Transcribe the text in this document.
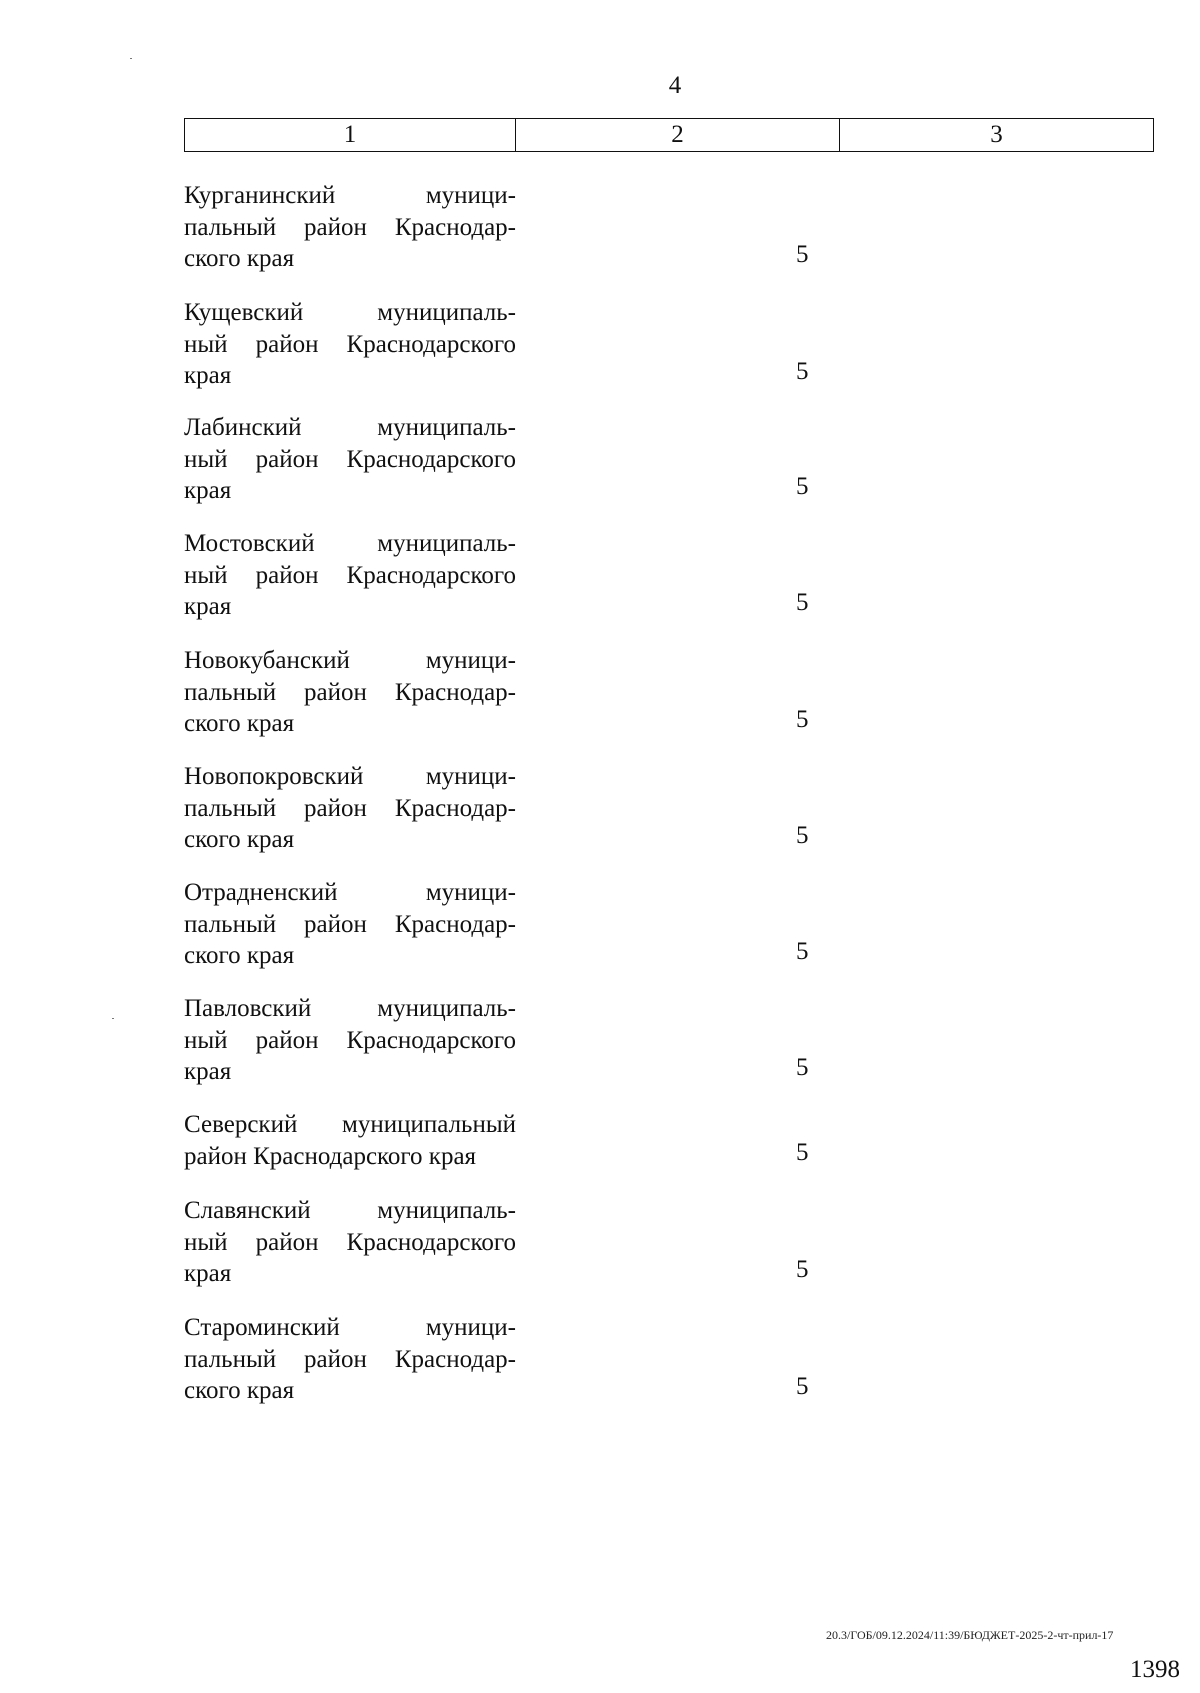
4
1	2	3
Курганинский муници-
пальный район Краснодар-
ского края	5
Кущевский муниципаль-
ный район Краснодарского
края	5
Лабинский муниципаль-
ный район Краснодарского
края	5
Мостовский муниципаль-
ный район Краснодарского
края	5
Новокубанский муници-
пальный район Краснодар-
ского края	5
Новопокровский муници-
пальный район Краснодар-
ского края	5
Отрадненский муници-
пальный район Краснодар-
ского края	5
Павловский муниципаль-
ный район Краснодарского
края	5
Северский муниципальный
район Краснодарского края	5
Славянский муниципаль-
ный район Краснодарского
края	5
Староминский муници-
пальный район Краснодар-
ского края	5
20.3/ГОБ/09.12.2024/11:39/БЮДЖЕТ-2025-2-чт-прил-17
1398
